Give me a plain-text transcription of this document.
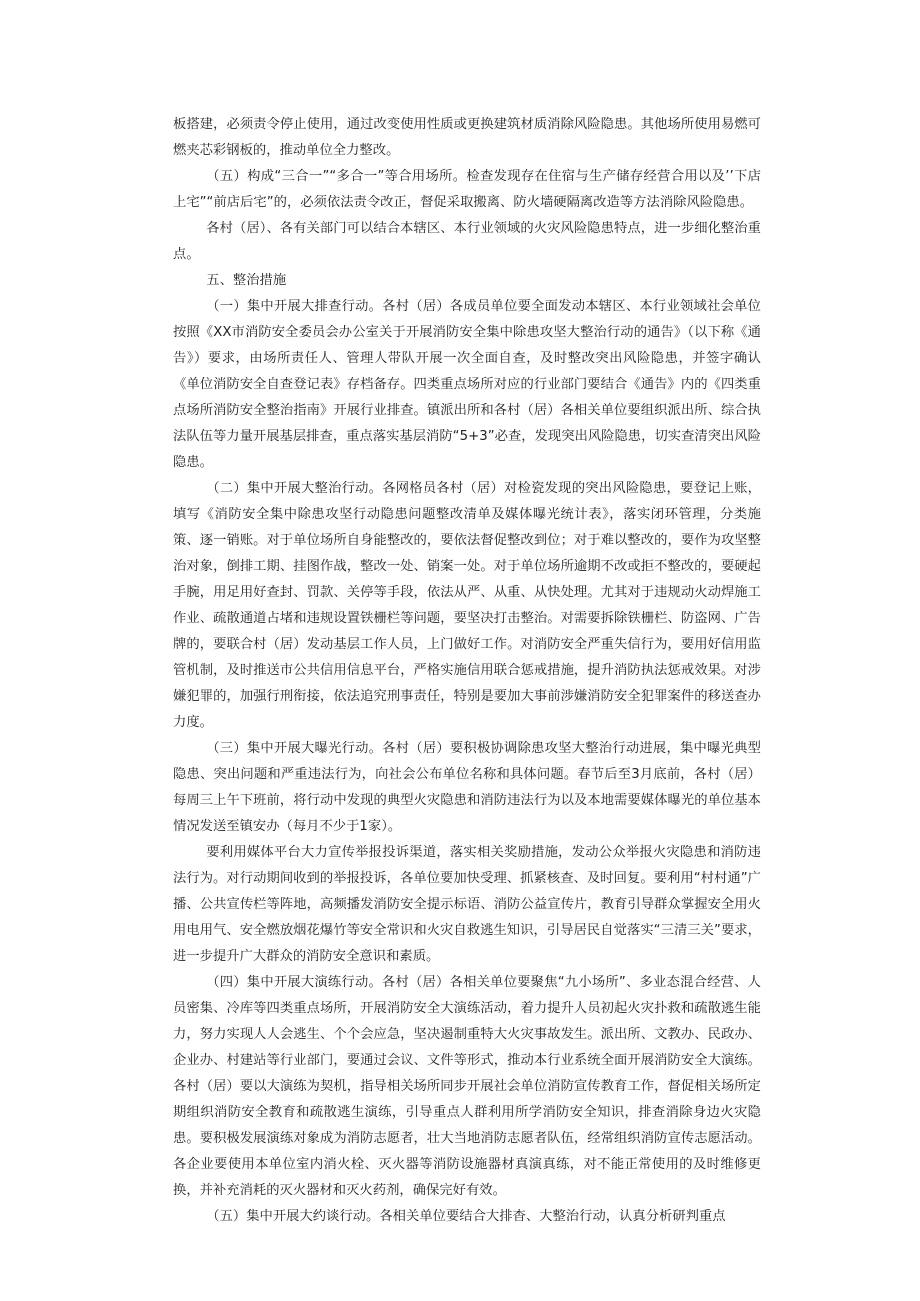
板搭建，必须责令停止使用，通过改变使用性质或更换建筑材质消除风险隐患。其他场所使用易燃可燃夹芯彩钢板的，推动单位全力整改。

（五）构成“三合一”“多合一”等合用场所。检查发现存在住宿与生产储存经营合用以及’’下店上宅”“前店后宅”的，必须依法责令改正，督促采取搬离、防火墙硬隔离改造等方法消除风险隐患。

各村（居）、各有关部门可以结合本辖区、本行业领域的火灾风险隐患特点，进一步细化整治重点。

五、整治措施

（一）集中开展大排查行动。各村（居）各成员单位要全面发动本辖区、本行业领域社会单位按照《XX市消防安全委员会办公室关于开展消防安全集中除患攻坚大整治行动的通告》（以下称《通告》）要求，由场所责任人、管理人带队开展一次全面自查，及时整改突出风险隐患，并签字确认《单位消防安全自查登记表》存档备存。四类重点场所对应的行业部门要结合《通告》内的《四类重点场所消防安全整治指南》开展行业排查。镇派出所和各村（居）各相关单位要组织派出所、综合执法队伍等力量开展基层排查，重点落实基层消防“5+3”必查，发现突出风险隐患，切实查清突出风险隐患。

（二）集中开展大整治行动。各网格员各村（居）对检瓷发现的突出风险隐患，要登记上账，填写《消防安全集中除患攻坚行动隐患问题整改清单及媒体曝光统计表》，落实闭环管理，分类施策、逐一销账。对于单位场所自身能整改的，要依法督促整改到位；对于难以整改的，要作为攻坚整治对象，倒排工期、挂图作战，整改一处、销案一处。对于单位场所逾期不改或拒不整改的，要硬起手腕，用足用好查封、罚款、关停等手段，依法从严、从重、从快处理。尤其对于违规动火动焊施工作业、疏散通道占堵和违规设置铁栅栏等问题，要坚决打击整治。对需要拆除铁栅栏、防盗网、广告牌的，要联合村（居）发动基层工作人员，上门做好工作。对消防安全严重失信行为，要用好信用监管机制，及时推送市公共信用信息平台，严格实施信用联合惩戒措施，提升消防执法惩戒效果。对涉嫌犯罪的，加强行刑衔接，依法追究刑事责任，特别是要加大事前涉嫌消防安全犯罪案件的移送查办力度。

（三）集中开展大曝光行动。各村（居）要积极协调除患攻坚大整治行动进展，集中曝光典型隐患、突出问题和严重违法行为，向社会公布单位名称和具体问题。春节后至3月底前，各村（居）每周三上午下班前，将行动中发现的典型火灾隐患和消防违法行为以及本地需要媒体曝光的单位基本情况发送至镇安办（每月不少于1家）。

要利用媒体平台大力宣传举报投诉渠道，落实相关奖励措施，发动公众举报火灾隐患和消防违法行为。对行动期间收到的举报投诉，各单位要加快受理、抓紧核查、及时回复。要利用“村村通”广播、公共宣传栏等阵地，高频播发消防安全提示标语、消防公益宣传片，教育引导群众掌握安全用火用电用气、安全燃放烟花爆竹等安全常识和火灾自救逃生知识，引导居民自觉落实“三清三关”要求，进一步提升广大群众的消防安全意识和素质。

（四）集中开展大演练行动。各村（居）各相关单位要聚焦“九小场所”、多业态混合经营、人员密集、冷库等四类重点场所，开展消防安全大演练活动，着力提升人员初起火灾扑救和疏散逃生能力，努力实现人人会逃生、个个会应急，坚决遏制重特大火灾事故发生。派出所、文教办、民政办、企业办、村建站等行业部门，要通过会议、文件等形式，推动本行业系统全面开展消防安全大演练。各村（居）要以大演练为契机，指导相关场所同步开展社会单位消防宣传教育工作，督促相关场所定期组织消防安全教育和疏散逃生演练，引导重点人群利用所学消防安全知识，排查消除身边火灾隐患。要积极发展演练对象成为消防志愿者，壮大当地消防志愿者队伍，经常组织消防宣传志愿活动。各企业要使用本单位室内消火栓、灭火器等消防设施器材真演真练，对不能正常使用的及时维修更换，并补充消耗的灭火器材和灭火药剂，确保完好有效。

（五）集中开展大约谈行动。各相关单位要结合大排杳、大整治行动，认真分析研判重点
